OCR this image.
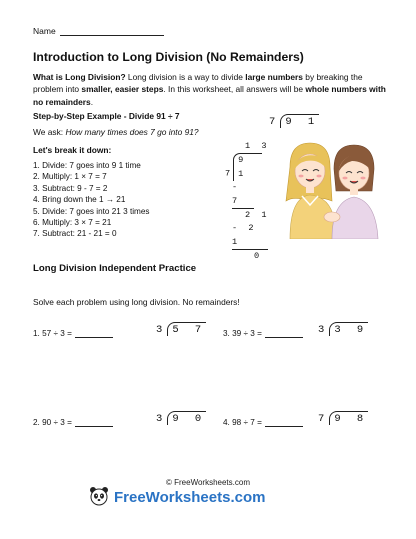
Name
Introduction to Long Division (No Remainders)
What is Long Division? Long division is a way to divide large numbers by breaking the problem into smaller, easier steps. In this worksheet, all answers will be whole numbers with no remainders.
Step-by-Step Example - Divide 91 ÷ 7
We ask: How many times does 7 go into 91?
7 9 1
Let's break it down:
1. Divide: 7 goes into 9 1 time
2. Multiply: 1 × 7 = 7
3. Subtract: 9 - 7 = 2
4. Bring down the 1 → 21
5. Divide: 7 goes into 21 3 times
6. Multiply: 3 × 7 = 21
7. Subtract: 21 - 21 = 0
1 3
79 1
- 7
2 1
- 2 1
0
Long Division Independent Practice
Solve each problem using long division. No remainders!
1. 57 ÷ 3 =	3 5 7 3. 39 ÷ 3 =	3 3 9
2. 90 ÷ 3 =	3 9 0 4. 98 ÷ 7 =	7 9 8
© FreeWorksheets.com
FreeWorksheets.com
